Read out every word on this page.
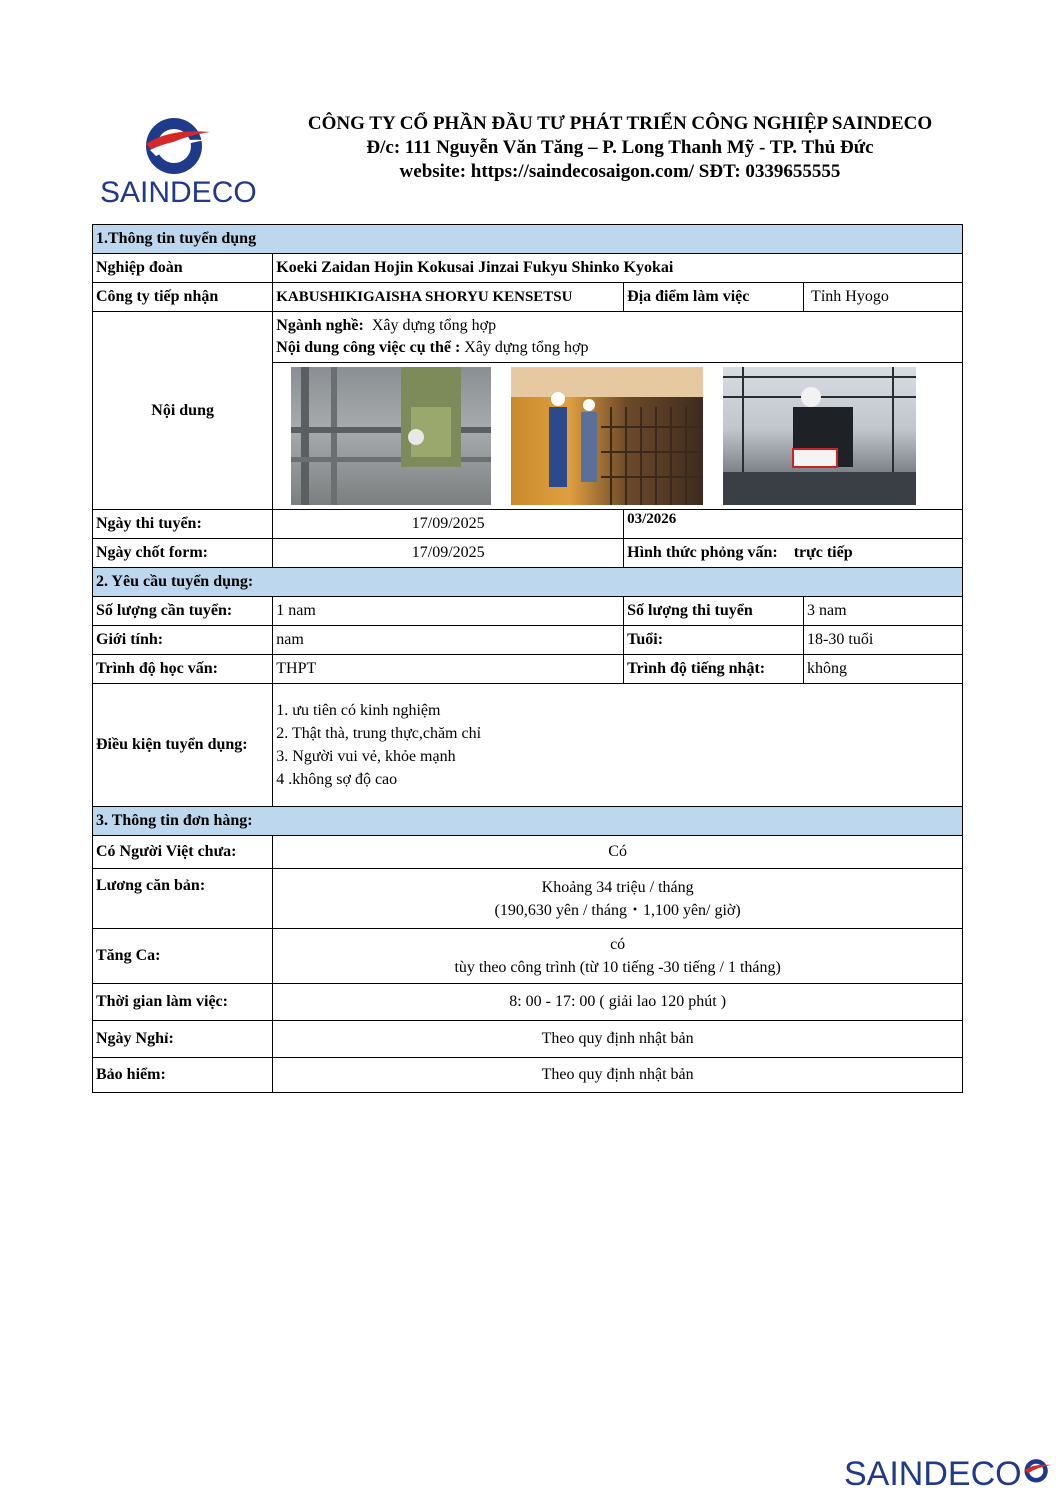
SAINDECO
CÔNG TY CỔ PHẦN ĐẦU TƯ PHÁT TRIỂN CÔNG NGHIỆP SAINDECO
Đ/c: 111 Nguyễn Văn Tăng – P. Long Thanh Mỹ - TP. Thủ Đức
website: https://saindecosaigon.com/ SĐT: 0339655555
1.Thông tin tuyển dụng			
Nghiệp đoàn	Koeki Zaidan Hojin Kokusai Jinzai Fukyu Shinko Kyokai		
Công ty tiếp nhận	KABUSHIKIGAISHA SHORYU KENSETSU	Địa điểm làm việc	Tỉnh Hyogo
Nội dung	Ngành nghề: Xây dựng tổng hợp
Nội dung công việc cụ thể : Xây dựng tổng hợp		

Ngày thi tuyển:	17/09/2025	03/2026	
Ngày chốt form:	17/09/2025	Hình thức phỏng vấn: trực tiếp	
2. Yêu cầu tuyển dụng:			
Số lượng cần tuyển:	1 nam	Số lượng thi tuyển	3 nam
Giới tính:	nam	Tuổi:	18-30 tuổi
Trình độ học vấn:	THPT	Trình độ tiếng nhật:	không
Điều kiện tuyển dụng:	1. ưu tiên có kinh nghiệm
2. Thật thà, trung thực,chăm chỉ
3. Người vui vẻ, khỏe mạnh
4 .không sợ độ cao		

3. Thông tin đơn hàng:			
Có Người Việt chưa:	Có		
Lương căn bản:	Khoảng 34 triệu / tháng
(190,630 yên / tháng・1,100 yên/ giờ)		

Tăng Ca:	có
tùy theo công trình (từ 10 tiếng -30 tiếng / 1 tháng)		

Thời gian làm việc:	8: 00 - 17: 00 ( giải lao 120 phút )		
Ngày Nghỉ:	Theo quy định nhật bản		
Bảo hiểm:	Theo quy định nhật bản		
SAINDECO
